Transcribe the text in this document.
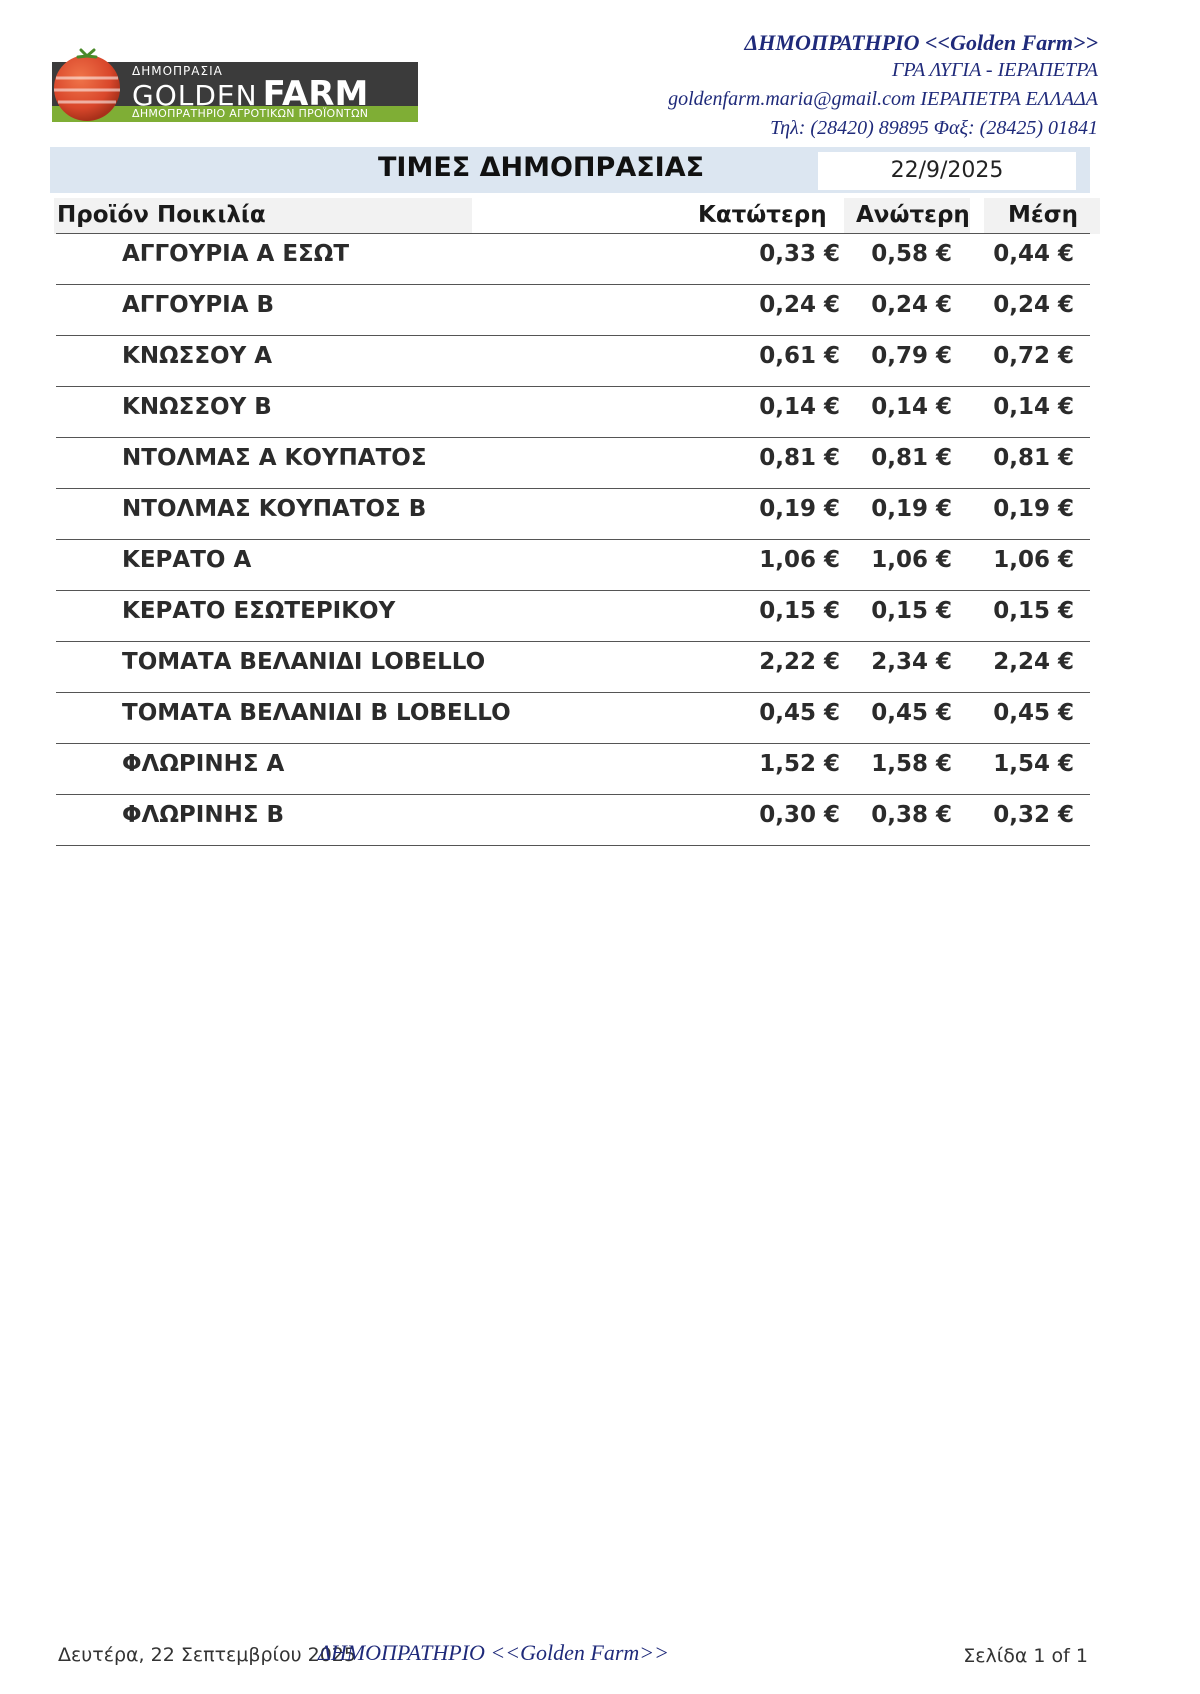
ΔΗΜΟΠΡΑΣΙΑ
GOLDEN FARM
ΔΗΜΟΠΡΑΤΗΡΙΟ ΑΓΡΟΤΙΚΩΝ ΠΡΟΪΟΝΤΩΝ
ΔΗΜΟΠΡΑΤΗΡΙΟ <<Golden Farm>>
ΓΡΑ ΛΥΓΙΑ - ΙΕΡΑΠΕΤΡΑ
goldenfarm.maria@gmail.com ΙΕΡΑΠΕΤΡΑ ΕΛΛΑΔΑ
Τηλ: (28420) 89895 Φαξ: (28425) 01841
ΤΙΜΕΣ ΔΗΜΟΠΡΑΣΙΑΣ	22/9/2025
Προϊόν Ποικιλία	Κατώτερη Ανώτερη Μέση
ΑΓΓΟΥΡΙΑ Α ΕΣΩΤ	0,33 € 0,58 € 0,44 €
ΑΓΓΟΥΡΙΑ Β	0,24 € 0,24 € 0,24 €
ΚΝΩΣΣΟΥ Α	0,61 € 0,79 € 0,72 €
ΚΝΩΣΣΟΥ Β	0,14 € 0,14 € 0,14 €
ΝΤΟΛΜΑΣ Α ΚΟΥΠΑΤΟΣ	0,81 € 0,81 € 0,81 €
ΝΤΟΛΜΑΣ ΚΟΥΠΑΤΟΣ Β	0,19 € 0,19 € 0,19 €
ΚΕΡΑΤΟ Α	1,06 € 1,06 € 1,06 €
ΚΕΡΑΤΟ ΕΣΩΤΕΡΙΚΟΥ	0,15 € 0,15 € 0,15 €
ΤΟΜΑΤΑ ΒΕΛΑΝΙΔΙ LOBELLO	2,22 € 2,34 € 2,24 €
ΤΟΜΑΤΑ ΒΕΛΑΝΙΔΙ Β LOBELLO	0,45 € 0,45 € 0,45 €
ΦΛΩΡΙΝΗΣ Α	1,52 € 1,58 € 1,54 €
ΦΛΩΡΙΝΗΣ Β	0,30 € 0,38 € 0,32 €
Δευτέρα, 22 Σεπτεμβρίου 2025
ΔΗΜΟΠΡΑΤΗΡΙΟ <<Golden Farm>>	Σελίδα 1 of 1
